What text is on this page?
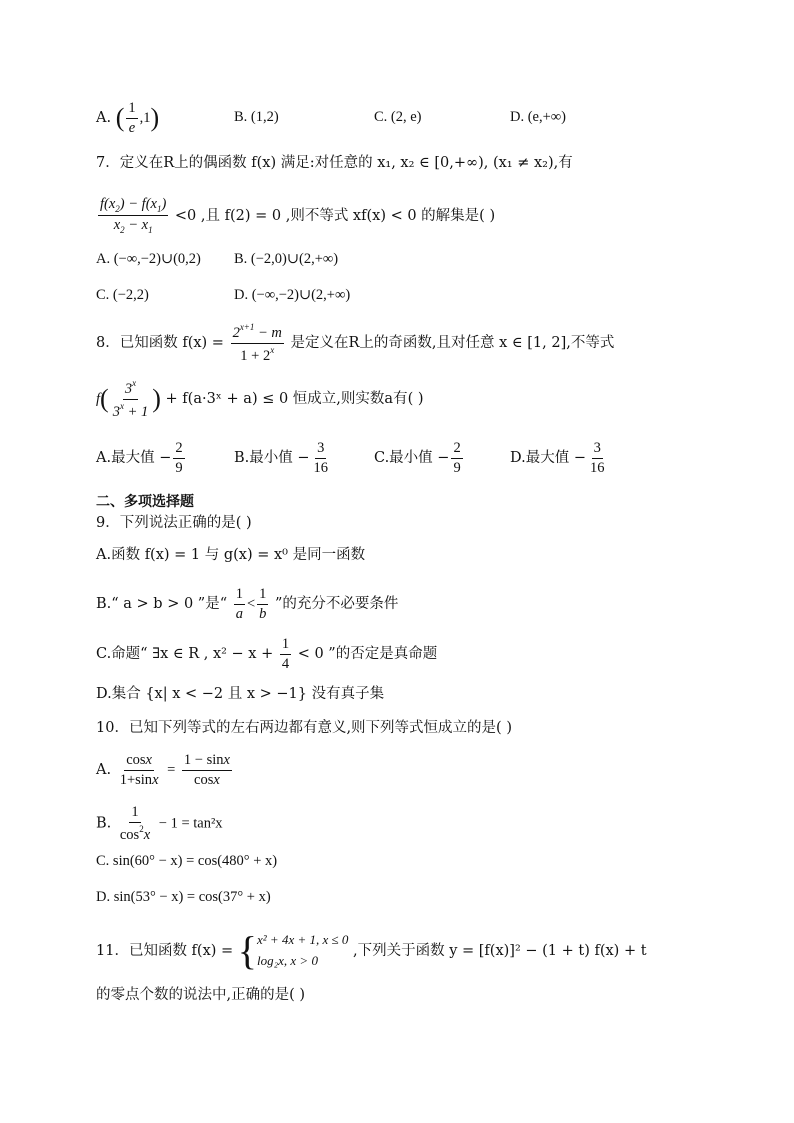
A. ( $\frac{1}{e} ,1$)	B. (1,2)	C. (2, e)	D. (e,+∞)
7．定义在R上的偶函数 f(x) 满足:对任意的 x₁, x₂ ∈ [0,+∞), (x₁ ≠ x₂),有
$\frac{f(x_2) - f(x_1)}{x_2 - x_1} <0$ ,且 f(2) = 0 ,则不等式 xf(x) < 0 的解集是( )
A. (−∞,−2)∪(0,2) B. (−2,0)∪(2,+∞)
C. (−2,2)	D. (−∞,−2)∪(2,+∞)
8．已知函数 $f(x) = \frac{2^{x+1} - m}{1 + 2^x}$ 是定义在R上的奇函数,且对任意 x ∈ [1, 2],不等式
$f( \frac{3^x}{3^x + 1}$ ) + f(a·3ˣ + a) ≤ 0 恒成立,则实数a有( )
A.最大值 − $\frac{2}{9}$	B.最小值 − $\frac{3}{16}$	C.最小值 − $\frac{2}{9}$	D.最大值 − $\frac{3}{16}$
二、多项选择题
9．下列说法正确的是( )
A.函数 f(x) = 1 与 g(x) = x⁰ 是同一函数
B.“ a > b > 0 ”是“ $\frac{1}{a} < \frac{1}{b}$ ”的充分不必要条件
C.命题“ ∃x ∈ R , $x^2 - x + \frac{1}{4} < 0$ ”的否定是真命题
D.集合 {x| x < −2 且 x > −1} 没有真子集
10．已知下列等式的左右两边都有意义,则下列等式恒成立的是( )
A. $\frac{\cos x}{1+\sin x} = \frac{1 - \sin x}{\cos x}$
B. $\frac{1}{\cos^2x} - 1 = \tan^2x$
C. sin(60° − x) = cos(480° + x)
D. sin(53° − x) = cos(37° + x)
11．已知函数 f(x) = { x² + 4x + 1, x ≤ 0
log₂x, x > 0
,下列关于函数 y = [f(x)]² − (1 + t) f(x) + t
的零点个数的说法中,正确的是( )
